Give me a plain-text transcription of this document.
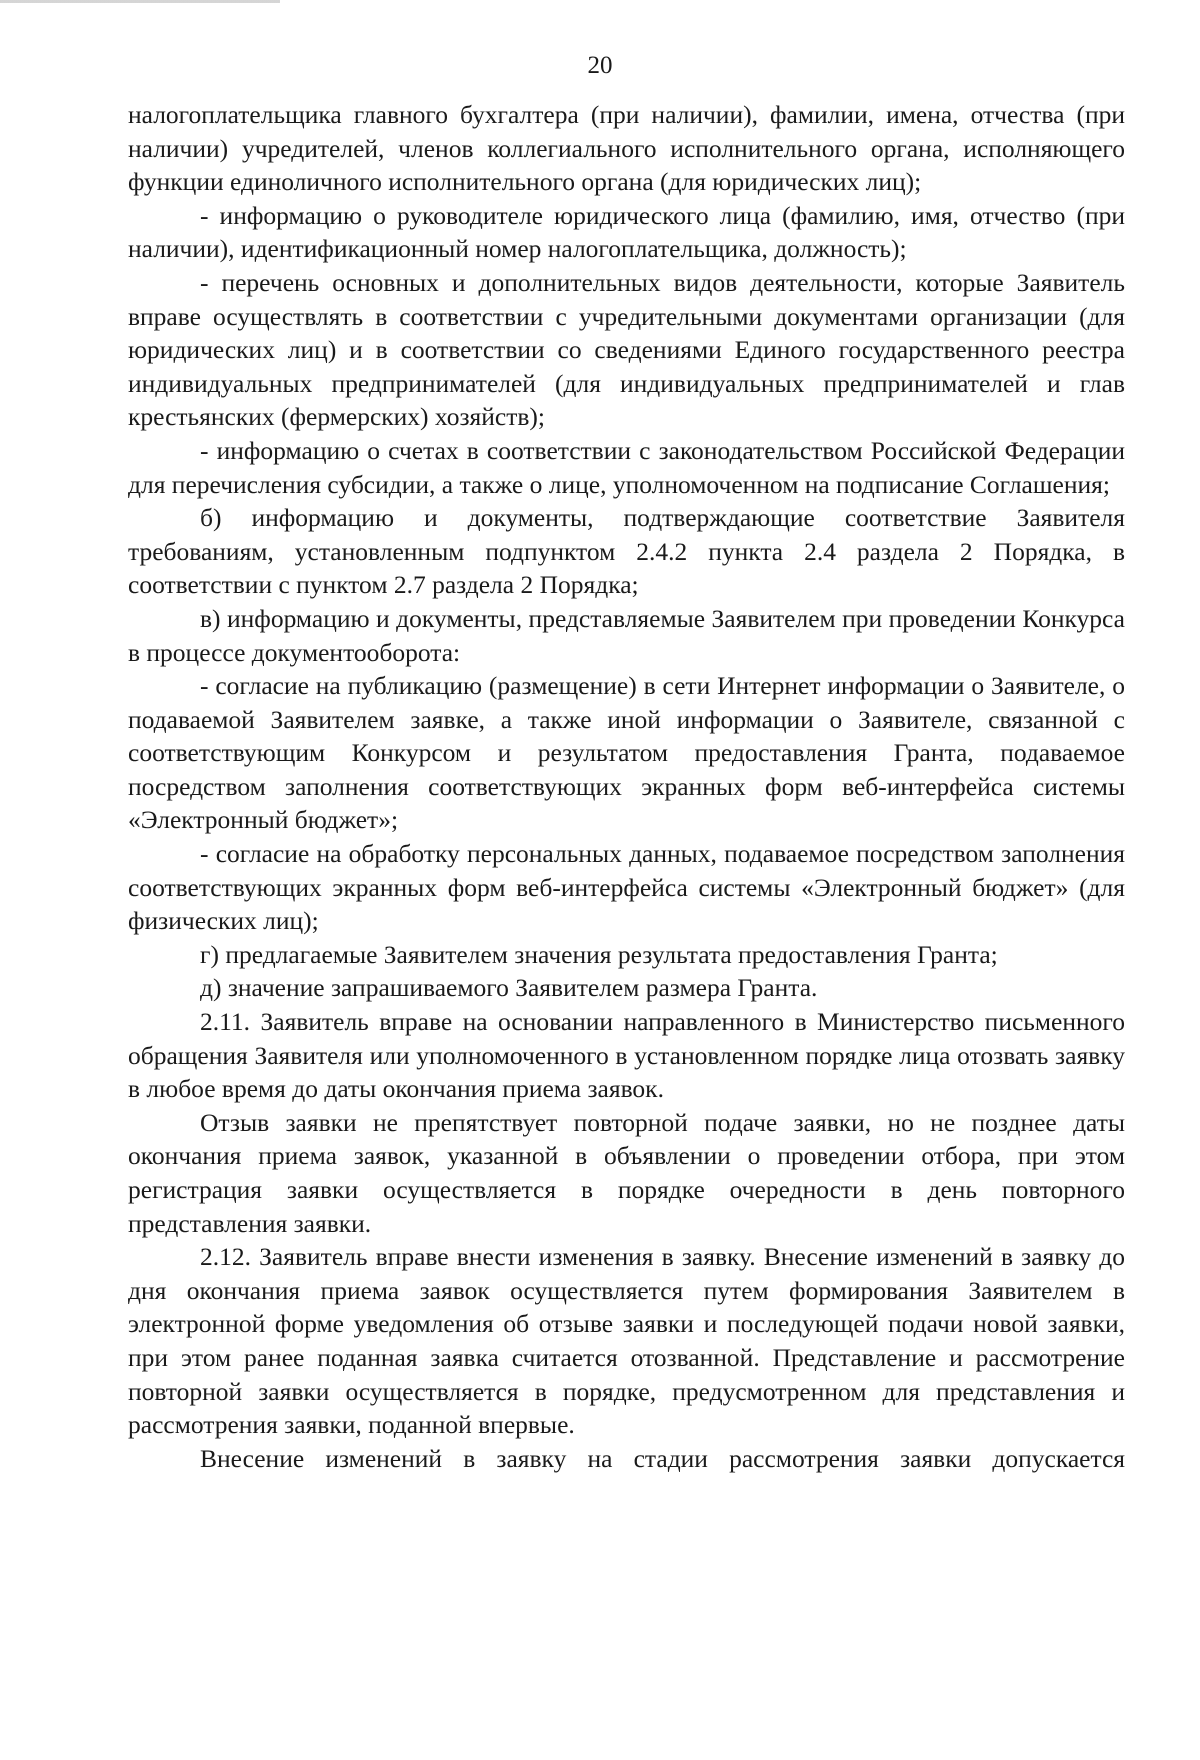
20

налогоплательщика главного бухгалтера (при наличии), фамилии, имена, отчества (при наличии) учредителей, членов коллегиального исполнительного органа, исполняющего функции единоличного исполнительного органа (для юридических лиц);

- информацию о руководителе юридического лица (фамилию, имя, отчество (при наличии), идентификационный номер налогоплательщика, должность);

- перечень основных и дополнительных видов деятельности, которые Заявитель вправе осуществлять в соответствии с учредительными документами организации (для юридических лиц) и в соответствии со сведениями Единого государственного реестра индивидуальных предпринимателей (для индивидуальных предпринимателей и глав крестьянских (фермерских) хозяйств);

- информацию о счетах в соответствии с законодательством Российской Федерации для перечисления субсидии, а также о лице, уполномоченном на подписание Соглашения;

б) информацию и документы, подтверждающие соответствие Заявителя требованиям, установленным подпунктом 2.4.2 пункта 2.4 раздела 2 Порядка, в соответствии с пунктом 2.7 раздела 2 Порядка;

в) информацию и документы, представляемые Заявителем при проведении Конкурса в процессе документооборота:

- согласие на публикацию (размещение) в сети Интернет информации о Заявителе, о подаваемой Заявителем заявке, а также иной информации о Заявителе, связанной с соответствующим Конкурсом и результатом предоставления Гранта, подаваемое посредством заполнения соответствующих экранных форм веб-интерфейса системы «Электронный бюджет»;

- согласие на обработку персональных данных, подаваемое посредством заполнения соответствующих экранных форм веб-интерфейса системы «Электронный бюджет» (для физических лиц);

г) предлагаемые Заявителем значения результата предоставления Гранта;

д) значение запрашиваемого Заявителем размера Гранта.

2.11. Заявитель вправе на основании направленного в Министерство письменного обращения Заявителя или уполномоченного в установленном порядке лица отозвать заявку в любое время до даты окончания приема заявок.

Отзыв заявки не препятствует повторной подаче заявки, но не позднее даты окончания приема заявок, указанной в объявлении о проведении отбора, при этом регистрация заявки осуществляется в порядке очередности в день повторного представления заявки.

2.12. Заявитель вправе внести изменения в заявку. Внесение изменений в заявку до дня окончания приема заявок осуществляется путем формирования Заявителем в электронной форме уведомления об отзыве заявки и последующей подачи новой заявки, при этом ранее поданная заявка считается отозванной. Представление и рассмотрение повторной заявки осуществляется в порядке, предусмотренном для представления и рассмотрения заявки, поданной впервые.

Внесение изменений в заявку на стадии рассмотрения заявки допускается
